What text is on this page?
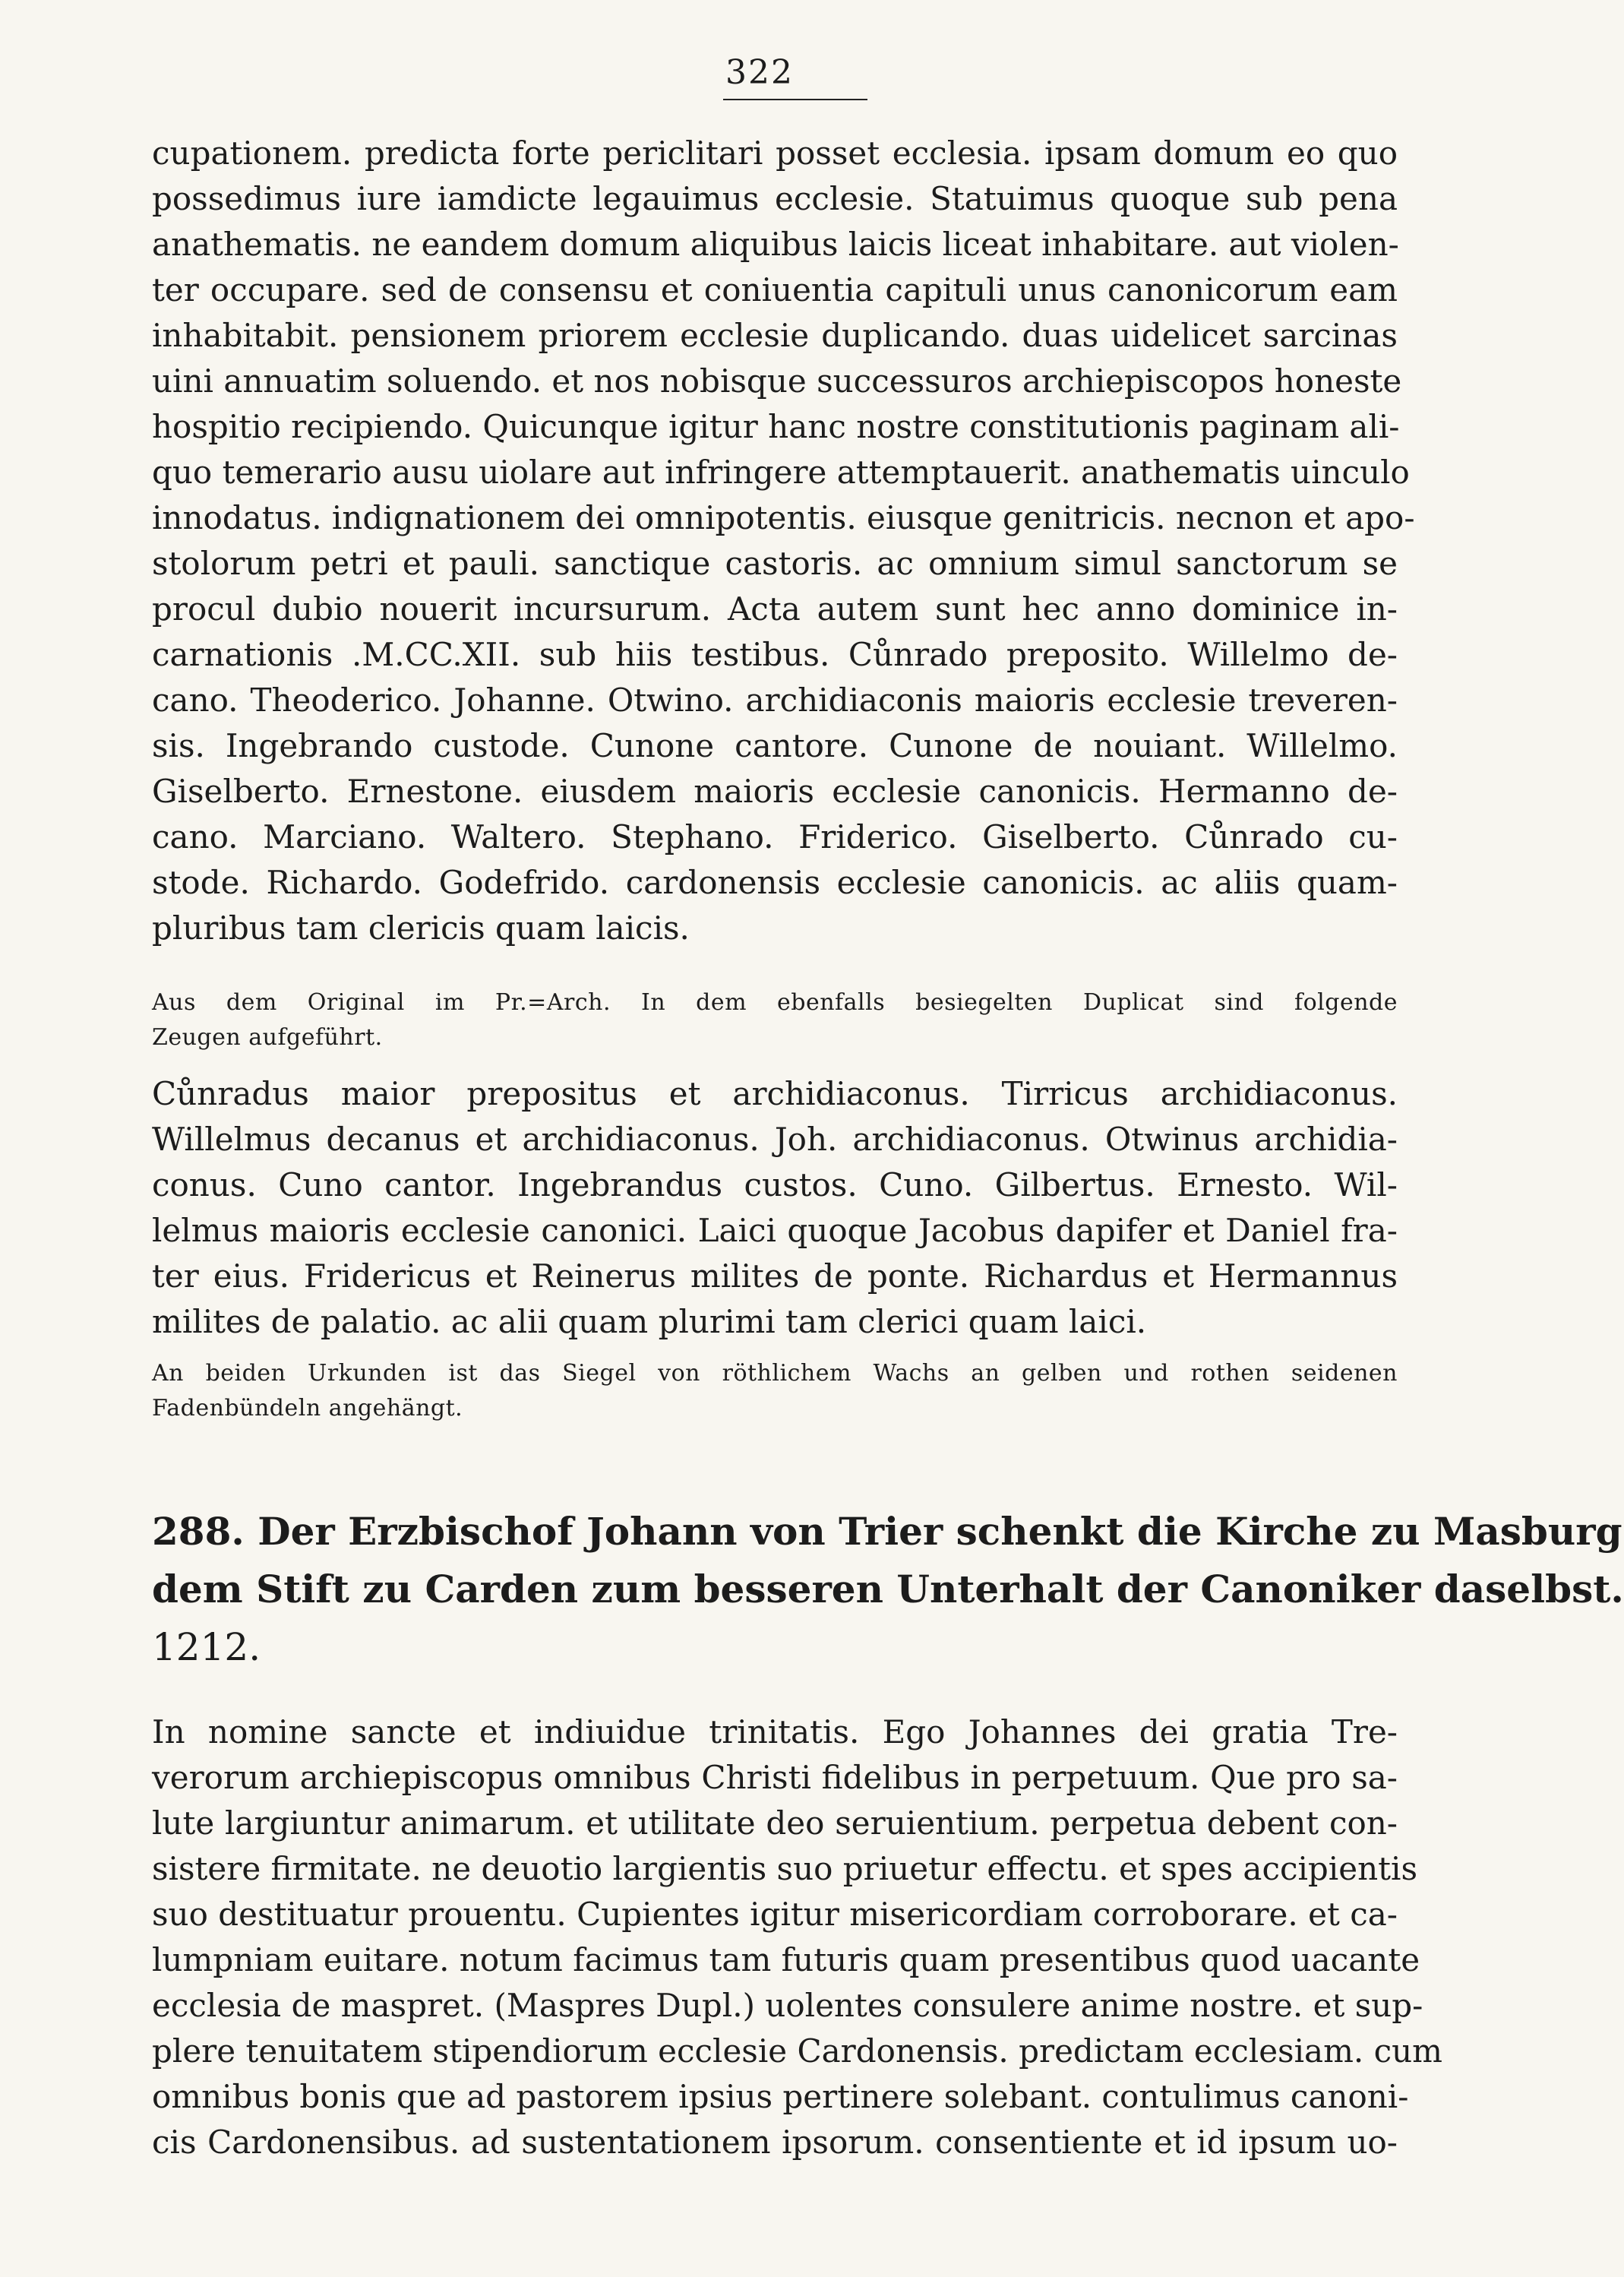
322
cupationem. predicta forte periclitari posset ecclesia. ipsam domum eo quo
possedimus iure iamdicte legauimus ecclesie. Statuimus quoque sub pena
anathematis. ne eandem domum aliquibus laicis liceat inhabitare. aut violen-
ter occupare. sed de consensu et coniuentia capituli unus canonicorum eam
inhabitabit. pensionem priorem ecclesie duplicando. duas uidelicet sarcinas
uini annuatim soluendo. et nos nobisque successuros archiepiscopos honeste
hospitio recipiendo. Quicunque igitur hanc nostre constitutionis paginam ali-
quo temerario ausu uiolare aut infringere attemptauerit. anathematis uinculo
innodatus. indignationem dei omnipotentis. eiusque genitricis. necnon et apo-
stolorum petri et pauli. sanctique castoris. ac omnium simul sanctorum se
procul dubio nouerit incursurum. Acta autem sunt hec anno dominice in-
carnationis .M.CC.XII. sub hiis testibus. Cůnrado preposito. Willelmo de-
cano. Theoderico. Johanne. Otwino. archidiaconis maioris ecclesie treveren-
sis. Ingebrando custode. Cunone cantore. Cunone de nouiant. Willelmo.
Giselberto. Ernestone. eiusdem maioris ecclesie canonicis. Hermanno de-
cano. Marciano. Waltero. Stephano. Friderico. Giselberto. Cůnrado cu-
stode. Richardo. Godefrido. cardonensis ecclesie canonicis. ac aliis quam-
pluribus tam clericis quam laicis.
Aus dem Original im Pr.=Arch. In dem ebenfalls besiegelten Duplicat sind folgende
Zeugen aufgeführt.
Cůnradus maior prepositus et archidiaconus. Tirricus archidiaconus.
Willelmus decanus et archidiaconus. Joh. archidiaconus. Otwinus archidia-
conus. Cuno cantor. Ingebrandus custos. Cuno. Gilbertus. Ernesto. Wil-
lelmus maioris ecclesie canonici. Laici quoque Jacobus dapifer et Daniel fra-
ter eius. Fridericus et Reinerus milites de ponte. Richardus et Hermannus
milites de palatio. ac alii quam plurimi tam clerici quam laici.
An beiden Urkunden ist das Siegel von röthlichem Wachs an gelben und rothen seidenen
Fadenbündeln angehängt.
288. Der Erzbischof Johann von Trier schenkt die Kirche zu Masburg
dem Stift zu Carden zum besseren Unterhalt der Canoniker daselbst.
1212.
In nomine sancte et indiuidue trinitatis. Ego Johannes dei gratia Tre-
verorum archiepiscopus omnibus Christi fidelibus in perpetuum. Que pro sa-
lute largiuntur animarum. et utilitate deo seruientium. perpetua debent con-
sistere firmitate. ne deuotio largientis suo priuetur effectu. et spes accipientis
suo destituatur prouentu. Cupientes igitur misericordiam corroborare. et ca-
lumpniam euitare. notum facimus tam futuris quam presentibus quod uacante
ecclesia de maspret. (Maspres Dupl.) uolentes consulere anime nostre. et sup-
plere tenuitatem stipendiorum ecclesie Cardonensis. predictam ecclesiam. cum
omnibus bonis que ad pastorem ipsius pertinere solebant. contulimus canoni-
cis Cardonensibus. ad sustentationem ipsorum. consentiente et id ipsum uo-
